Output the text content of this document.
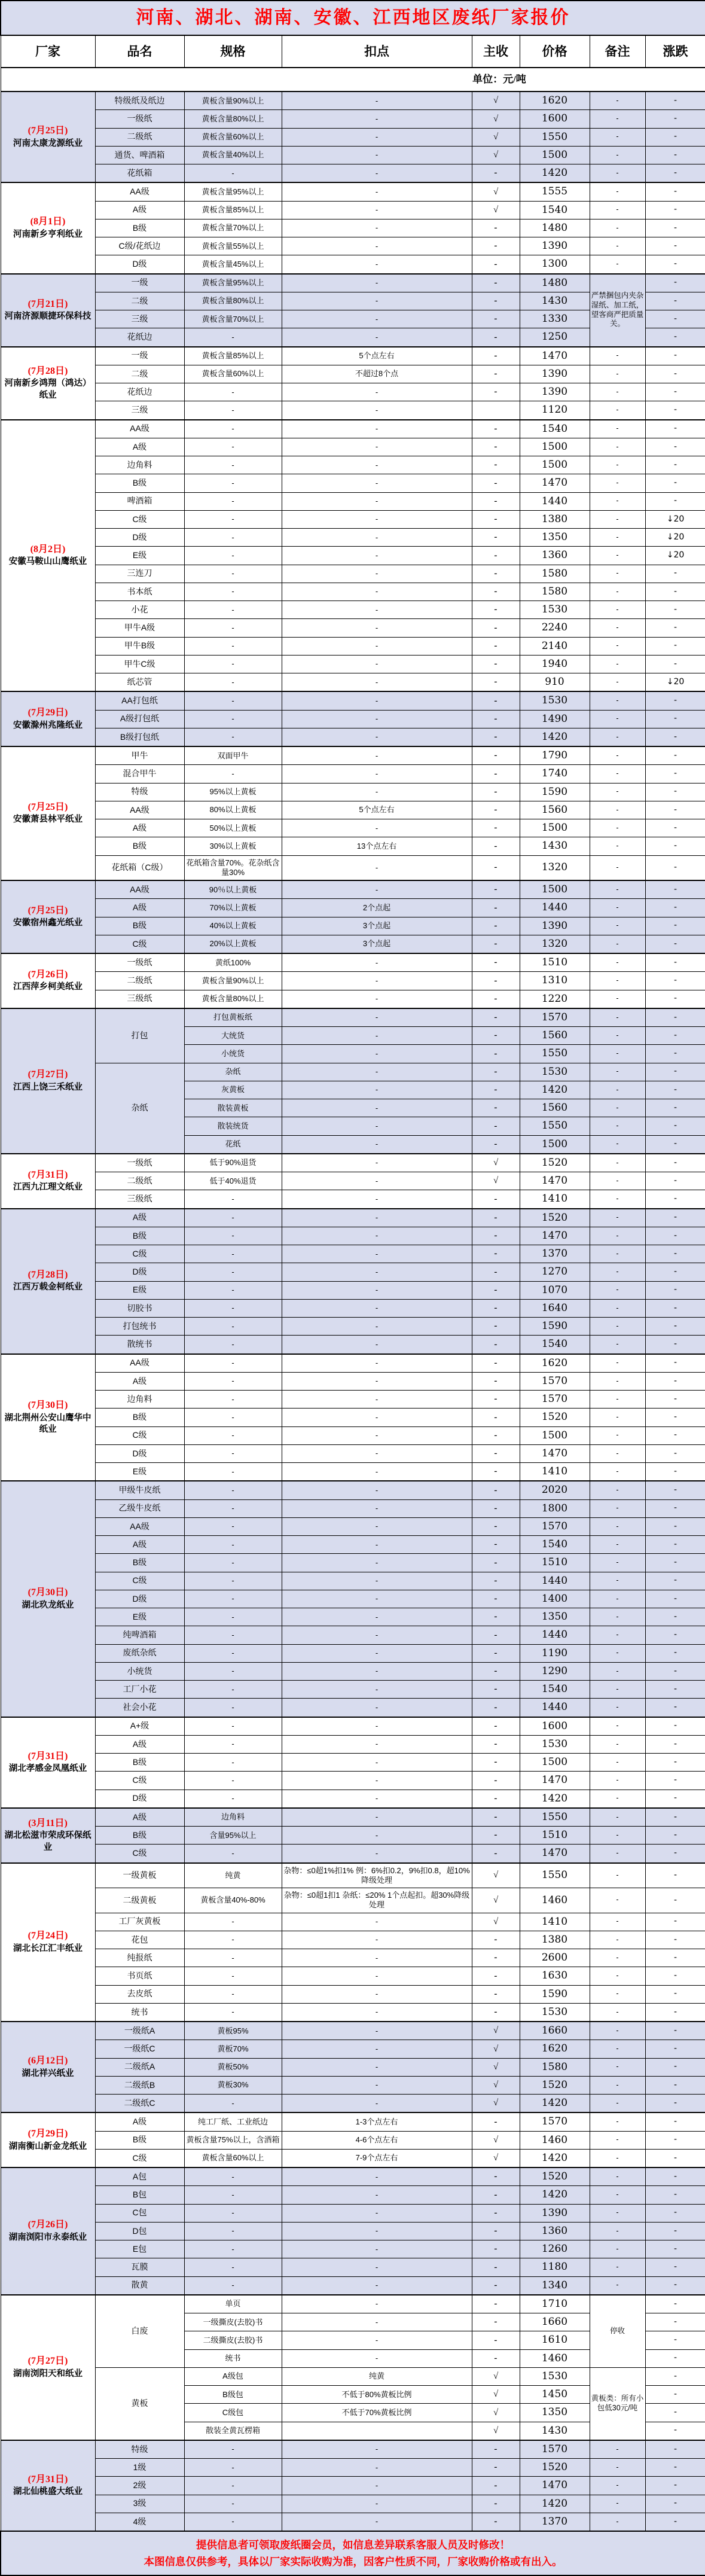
河南、湖北、湖南、安徽、江西地区废纸厂家报价							
厂家	品名	规格	扣点	主收	价格	备注	涨跌
单位：元/吨							

(7月25日)
河南太康龙源纸业	特级纸及纸边	黄板含量90%以上	-	√	1620	-	-
	一级纸	黄板含量80%以上	-	√	1600	-	-
	二级纸	黄板含量60%以上	-	√	1550	-	-
	通货、啤酒箱	黄板含量40%以上	-	√	1500	-	-
	花纸箱	-	-	-	1420	-	-

(8月1日)
河南新乡亨利纸业	AA级	黄板含量95%以上	-	√	1555	-	-
	A级	黄板含量85%以上	-	√	1540	-	-
	B级	黄板含量70%以上	-	-	1480	-	-
	C级/花纸边	黄板含量55%以上	-	-	1390	-	-
	D级	黄板含量45%以上	-	-	1300	-	-

(7月21日)
河南济源顺捷环保科技	一级	黄板含量95%以上	-	-	1480	严禁捆包内夹杂湿纸、加工纸，望客商严把质量关。	-
	二级	黄板含量80%以上	-	-	1430		-
	三级	黄板含量70%以上	-	-	1330		-
	花纸边	-	-	-	1250		-

(7月28日)
河南新乡鸿翔（鸿达）纸业	一级	黄板含量85%以上	5个点左右	-	1470	-	-
	二级	黄板含量60%以上	不超过8个点	-	1390	-	-
	花纸边	-	-	-	1390	-	-
	三级	-	-		1120	-	-

(8月2日)
安徽马鞍山山鹰纸业	AA级	-	-	-	1540	-	-
	A级	-	-	-	1500	-	-
	边角料	-	-	-	1500	-	-
	B级	-	-	-	1470	-	-
	啤酒箱	-	-	-	1440	-	-
	C级	-	-	-	1380	-	↓20
	D级	-	-	-	1350	-	↓20
	E级	-	-	-	1360	-	↓20
	三连刀	-	-	-	1580	-	-
	书本纸	-	-	-	1580	-	-
	小花	-	-	-	1530	-	-
	甲牛A级	-	-	-	2240	-	-
	甲牛B级	-	-	-	2140	-	-
	甲牛C级	-	-	-	1940	-	-
	纸芯管	-	-	-	910	-	↓20

(7月29日)
安徽滁州兆隆纸业	AA打包纸	-	-	-	1530	-	-
	A级打包纸	-	-	-	1490	-	-
	B级打包纸	-	-	-	1420	-	-

(7月25日)
安徽萧县林平纸业	甲牛	双面甲牛	-	-	1790	-	-
	混合甲牛	-	-	-	1740	-	-
	特级	95%以上黄板	-	-	1590	-	-
	AA级	80%以上黄板	5个点左右	-	1560	-	-
	A级	50%以上黄板	-	-	1500	-	-
	B级	30%以上黄板	13个点左右	-	1430	-	-
	花纸箱（C级）	花纸箱含量70%。花杂纸含量30%	-	-	1320	-	-

(7月25日)
安徽宿州鑫光纸业	AA级	90％以上黄板	-	-	1500	-	-
	A级	70%以上黄板	2个点起	-	1440	-	-
	B级	40%以上黄板	3个点起	-	1390	-	-
	C级	20%以上黄板	3个点起	-	1320	-	-

(7月26日)
江西萍乡柯美纸业	一级纸	黄纸100%	-	-	1510	-	-
	二级纸	黄板含量90%以上	-	-	1310	-	-
	三级纸	黄板含量80%以上	-	-	1220	-	-

(7月27日)
江西上饶三禾纸业	打包	打包黄板纸	-	-	1570	-	-
		大统货	-	-	1560	-	-
		小统货	-	-	1550	-	-
	杂纸	杂纸	-	-	1530	-	-
		灰黄板	-	-	1420	-	-
		散装黄板	-	-	1560	-	-
		散装统货	-	-	1550	-	-
		花纸	-	-	1500	-	-

(7月31日)
江西九江理文纸业	一级纸	低于90%退货	-	√	1520	-	-
	二级纸	低于40%退货	-	√	1470	-	-
	三级纸	-	-	-	1410	-	-

(7月28日)
江西万载金柯纸业	A级	-	-	-	1520	-	-
	B级	-	-	-	1470	-	-
	C级	-	-	-	1370	-	-
	D级	-	-	-	1270	-	-
	E级	-	-	-	1070	-	-
	切胶书	-	-	-	1640	-	-
	打包统书	-	-	-	1590	-	-
	散统书	-	-	-	1540	-	-

(7月30日)
湖北荆州公安山鹰华中纸业	AA级	-	-	-	1620	-	-
	A级	-	-	-	1570	-	-
	边角料	-	-	-	1570	-	-
	B级	-	-	-	1520	-	-
	C级	-	-	-	1500	-	-
	D级	-	-	-	1470	-	-
	E级	-	-	-	1410	-	-

(7月30日)
湖北玖龙纸业	甲级牛皮纸	-	-	-	2020	-	-
	乙级牛皮纸	-	-	-	1800	-	-
	AA级	-	-	-	1570	-	-
	A级	-	-	-	1540	-	-
	B级	-	-	-	1510	-	-
	C级	-	-	-	1440	-	-
	D级	-	-	-	1400	-	-
	E级	-	-	-	1350	-	-
	纯啤酒箱	-	-	-	1440	-	-
	废纸杂纸	-	-	-	1190	-	-
	小统货	-	-	-	1290	-	-
	工厂小花	-	-	-	1540	-	-
	社会小花	-	-	-	1440	-	-

(7月31日)
湖北孝感金凤凰纸业	A+级	-	-	-	1600	-	-
	A级	-	-	-	1530	-	-
	B级	-	-	-	1500	-	-
	C级	-	-	-	1470	-	-
	D级	-	-	-	1420	-	-

(3月11日)
湖北松滋市荣成环保纸业	A级	边角料	-	-	1550	-	-
	B级	含量95%以上	-	-	1510	-	-
	C级	-	-	-	1470	-	-

(7月24日)
湖北长江汇丰纸业	一级黄板	纯黄	杂物：≤0超1%扣1% 例：6%扣0.2，9%扣0.8，超10% 降级处理	√	1550	-	-
	二级黄板	黄板含量40%-80%	杂物：≤0超1扣1 杂纸：≤20% 1个点起扣。超30%降级处理	√	1460	-	-
	工厂灰黄板	-	-	√	1410	-	-
	花包	-	-	-	1380	-	-
	纯报纸	-	-	-	2600	-	-
	书页纸	-	-	-	1630	-	-
	去皮纸	-	-	-	1590	-	-
	统书	-	-	-	1530	-	-

(6月12日)
湖北祥兴纸业	一级纸A	黄板95%	-	√	1660	-	-
	一级纸C	黄板70%	-	√	1620	-	-
	二级纸A	黄板50%	-	√	1580	-	-
	二级纸B	黄板30%	-	√	1520	-	-
	二级纸C	-	-	√	1420	-	-

(7月29日)
湖南衡山新金龙纸业	A级	纯工厂纸、工业纸边	1-3个点左右	-	1570	-	-
	B级	黄板含量75%以上，含酒箱	4-6个点左右	√	1460	-	-
	C级	黄板含量60%以上	7-9个点左右	√	1420	-	-

(7月26日)
湖南浏阳市永泰纸业	A包	-	-	-	1520	-	-
	B包	-	-	-	1420	-	-
	C包	-	-	-	1390	-	-
	D包	-	-	-	1360	-	-
	E包	-	-	-	1260	-	-
	瓦膜	-	-	-	1180	-	-
	散黄	-	-	-	1340	-	-

(7月27日)
湖南浏阳天和纸业	白废	单页	-	-	1710	停收	-
		一级撕皮(去胶)书	-	-	1660		-
		二级撕皮(去胶)书	-	-	1610		-
		统书	-	-	1460		-
	黄板	A级包	纯黄	√	1530	黄板类：所有小包低30元/吨	-
		B级包	不低于80%黄板比例	√	1450		-
		C级包	不低于70%黄板比例	√	1350		-
		散装全黄瓦楞箱		√	1430		-

(7月31日)
湖北仙桃盛大纸业	特级	-	-	-	1570	-	-
	1级	-	-	-	1520	-	-
	2级	-	-	-	1470	-	-
	3级	-	-	-	1420	-	-
	4级	-	-	-	1370	-	-

提供信息者可领取废纸圈会员，如信息差异联系客服人员及时修改！
本图信息仅供参考，具体以厂家实际收购为准，因客户性质不同，厂家收购价格或有出入。							
